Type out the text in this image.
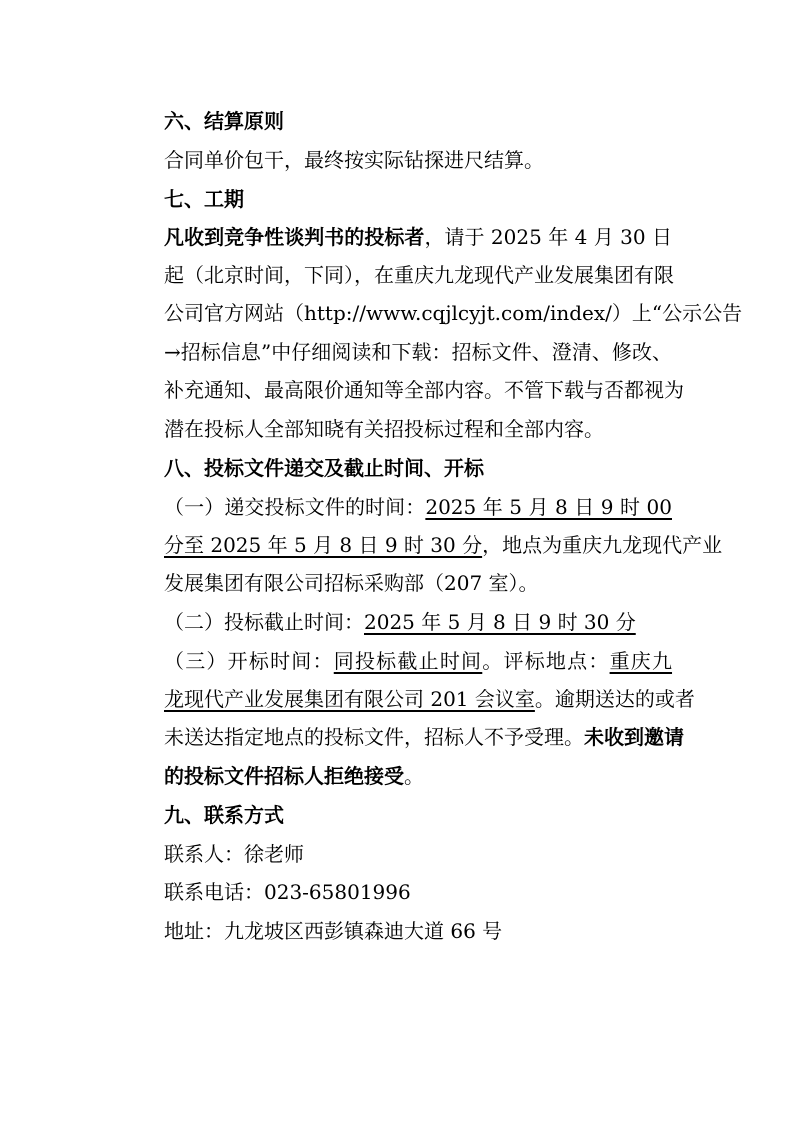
六、结算原则
合同单价包干，最终按实际钻探进尺结算。
七、工期
凡收到竞争性谈判书的投标者，请于 2025 年 4 月 30 日
起（北京时间，下同），在重庆九龙现代产业发展集团有限
公司官方网站（http://www.cqjlcyjt.com/index/）上“公示公告
→招标信息”中仔细阅读和下载：招标文件、澄清、修改、
补充通知、最高限价通知等全部内容。不管下载与否都视为
潜在投标人全部知晓有关招投标过程和全部内容。
八、投标文件递交及截止时间、开标
（一）递交投标文件的时间：2025 年 5 月 8 日 9 时 00
分至 2025 年 5 月 8 日 9 时 30 分，地点为重庆九龙现代产业
发展集团有限公司招标采购部（207 室）。
（二）投标截止时间：2025 年 5 月 8 日 9 时 30 分
（三）开标时间：同投标截止时间。评标地点：重庆九
龙现代产业发展集团有限公司 201 会议室。逾期送达的或者
未送达指定地点的投标文件，招标人不予受理。未收到邀请
的投标文件招标人拒绝接受。
九、联系方式
联系人：徐老师
联系电话：023-65801996
地址：九龙坡区西彭镇森迪大道 66 号
